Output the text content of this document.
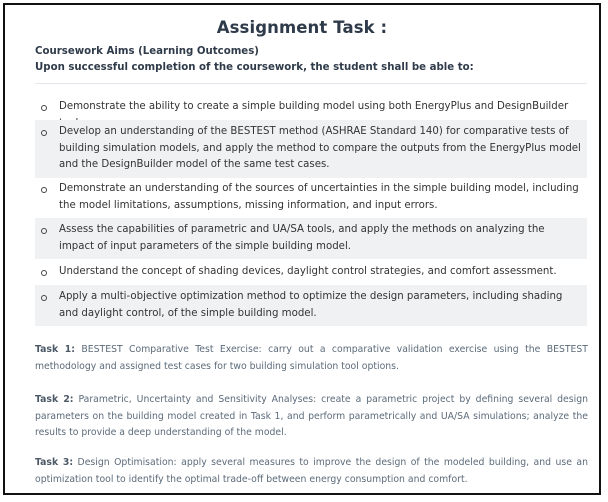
Assignment Task :
Coursework Aims (Learning Outcomes)
Upon successful completion of the coursework, the student shall be able to:
Demonstrate the ability to create a simple building model using both EnergyPlus and DesignBuilder
Develop an understanding of the BESTEST method (ASHRAE Standard 140) for comparative tests of building simulation models, and apply the method to compare the outputs from the EnergyPlus model and the DesignBuilder model of the same test cases.
Demonstrate an understanding of the sources of uncertainties in the simple building model, including the model limitations, assumptions, missing information, and input errors.
Assess the capabilities of parametric and UA/SA tools, and apply the methods on analyzing the impact of input parameters of the simple building model.
Understand the concept of shading devices, daylight control strategies, and comfort assessment.
Apply a multi-objective optimization method to optimize the design parameters, including shading and daylight control, of the simple building model.
Task 1: BESTEST Comparative Test Exercise: carry out a comparative validation exercise using the BESTEST methodology and assigned test cases for two building simulation tool options.
Task 2: Parametric, Uncertainty and Sensitivity Analyses: create a parametric project by defining several design parameters on the building model created in Task 1, and perform parametrically and UA/SA simulations; analyze the results to provide a deep understanding of the model.
Task 3: Design Optimisation: apply several measures to improve the design of the modeled building, and use an optimization tool to identify the optimal trade-off between energy consumption and comfort.
